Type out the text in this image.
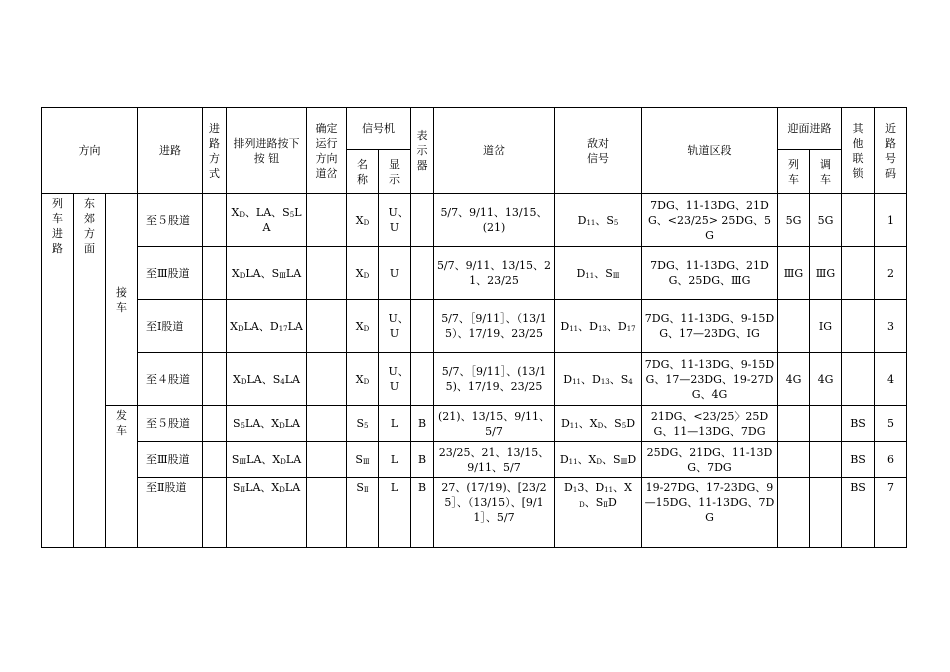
方向			进路	进路方式	排列进路按下按 钮	确定运行方向道岔	信号机		表示器	道岔	敌对信号	轨道区段	迎面进路		其他联锁	近路号码
							名称	显示					列车	调车		
列车进路	东郊方面	接车	至５股道		$X_D$、LA、$S_5LA$		$X_D$	U、U		5/7、9/11、13/15、(21)	$D_{11}$、$S_5$	7DG、11-13DG、21DG、<23/25> 25DG、5G	5G	5G		1
			至Ⅲ股道		$X_DLA$、$S_ⅢLA$		$X_D$	U		5/7、9/11、13/15、21、23/25	$D_{11}$、$S_Ⅲ$	7DG、11-13DG、21DG、25DG、ⅢG	ⅢG	ⅢG		2
			至Ⅰ股道		$X_DLA$、$D_{17}LA$		$X_D$	U、U		5/7、［9/11］、（13/15）、17/19、23/25	$D_{11}$、$D_{13}$、$D_{17}$	7DG、11-13DG、9-15DG、17—23DG、ⅠG		ⅠG		3
			至４股道		$X_DLA$、$S_4LA$		$X_D$	U、U		5/7、［9/11］、(13/15)、17/19、23/25	$D_{11}$、$D_{13}$、$S_4$	7DG、11-13DG、9-15DG、17—23DG、19-27DG、4G	4G	4G		4
		发车	至５股道		$S_5LA$、$X_DLA$		$S_5$	L	B	(21)、13/15、9/11、5/7	$D_{11}$、$X_D$、$S_5D$	21DG、<23/25〉25DG、11—13DG、7DG			BS	5
			至Ⅲ股道		$S_ⅢLA$、$X_DLA$		$S_Ⅲ$	L	B	23/25、21、13/15、9/11、5/7	$D_{11}$、$X_D$、$S_ⅢD$	25DG、21DG、11-13DG、7DG			BS	6
			至Ⅱ股道		$S_ⅡLA$、$X_DLA$		$S_Ⅱ$	L	B	27、(17/19)、[23/25］、（13/15）、[9/11］、5/7	$D_13$、$D_{11}$、$X_D$、$S_ⅡD$	19-27DG、17-23DG、9—15DG、11-13DG、7DG			BS	7
